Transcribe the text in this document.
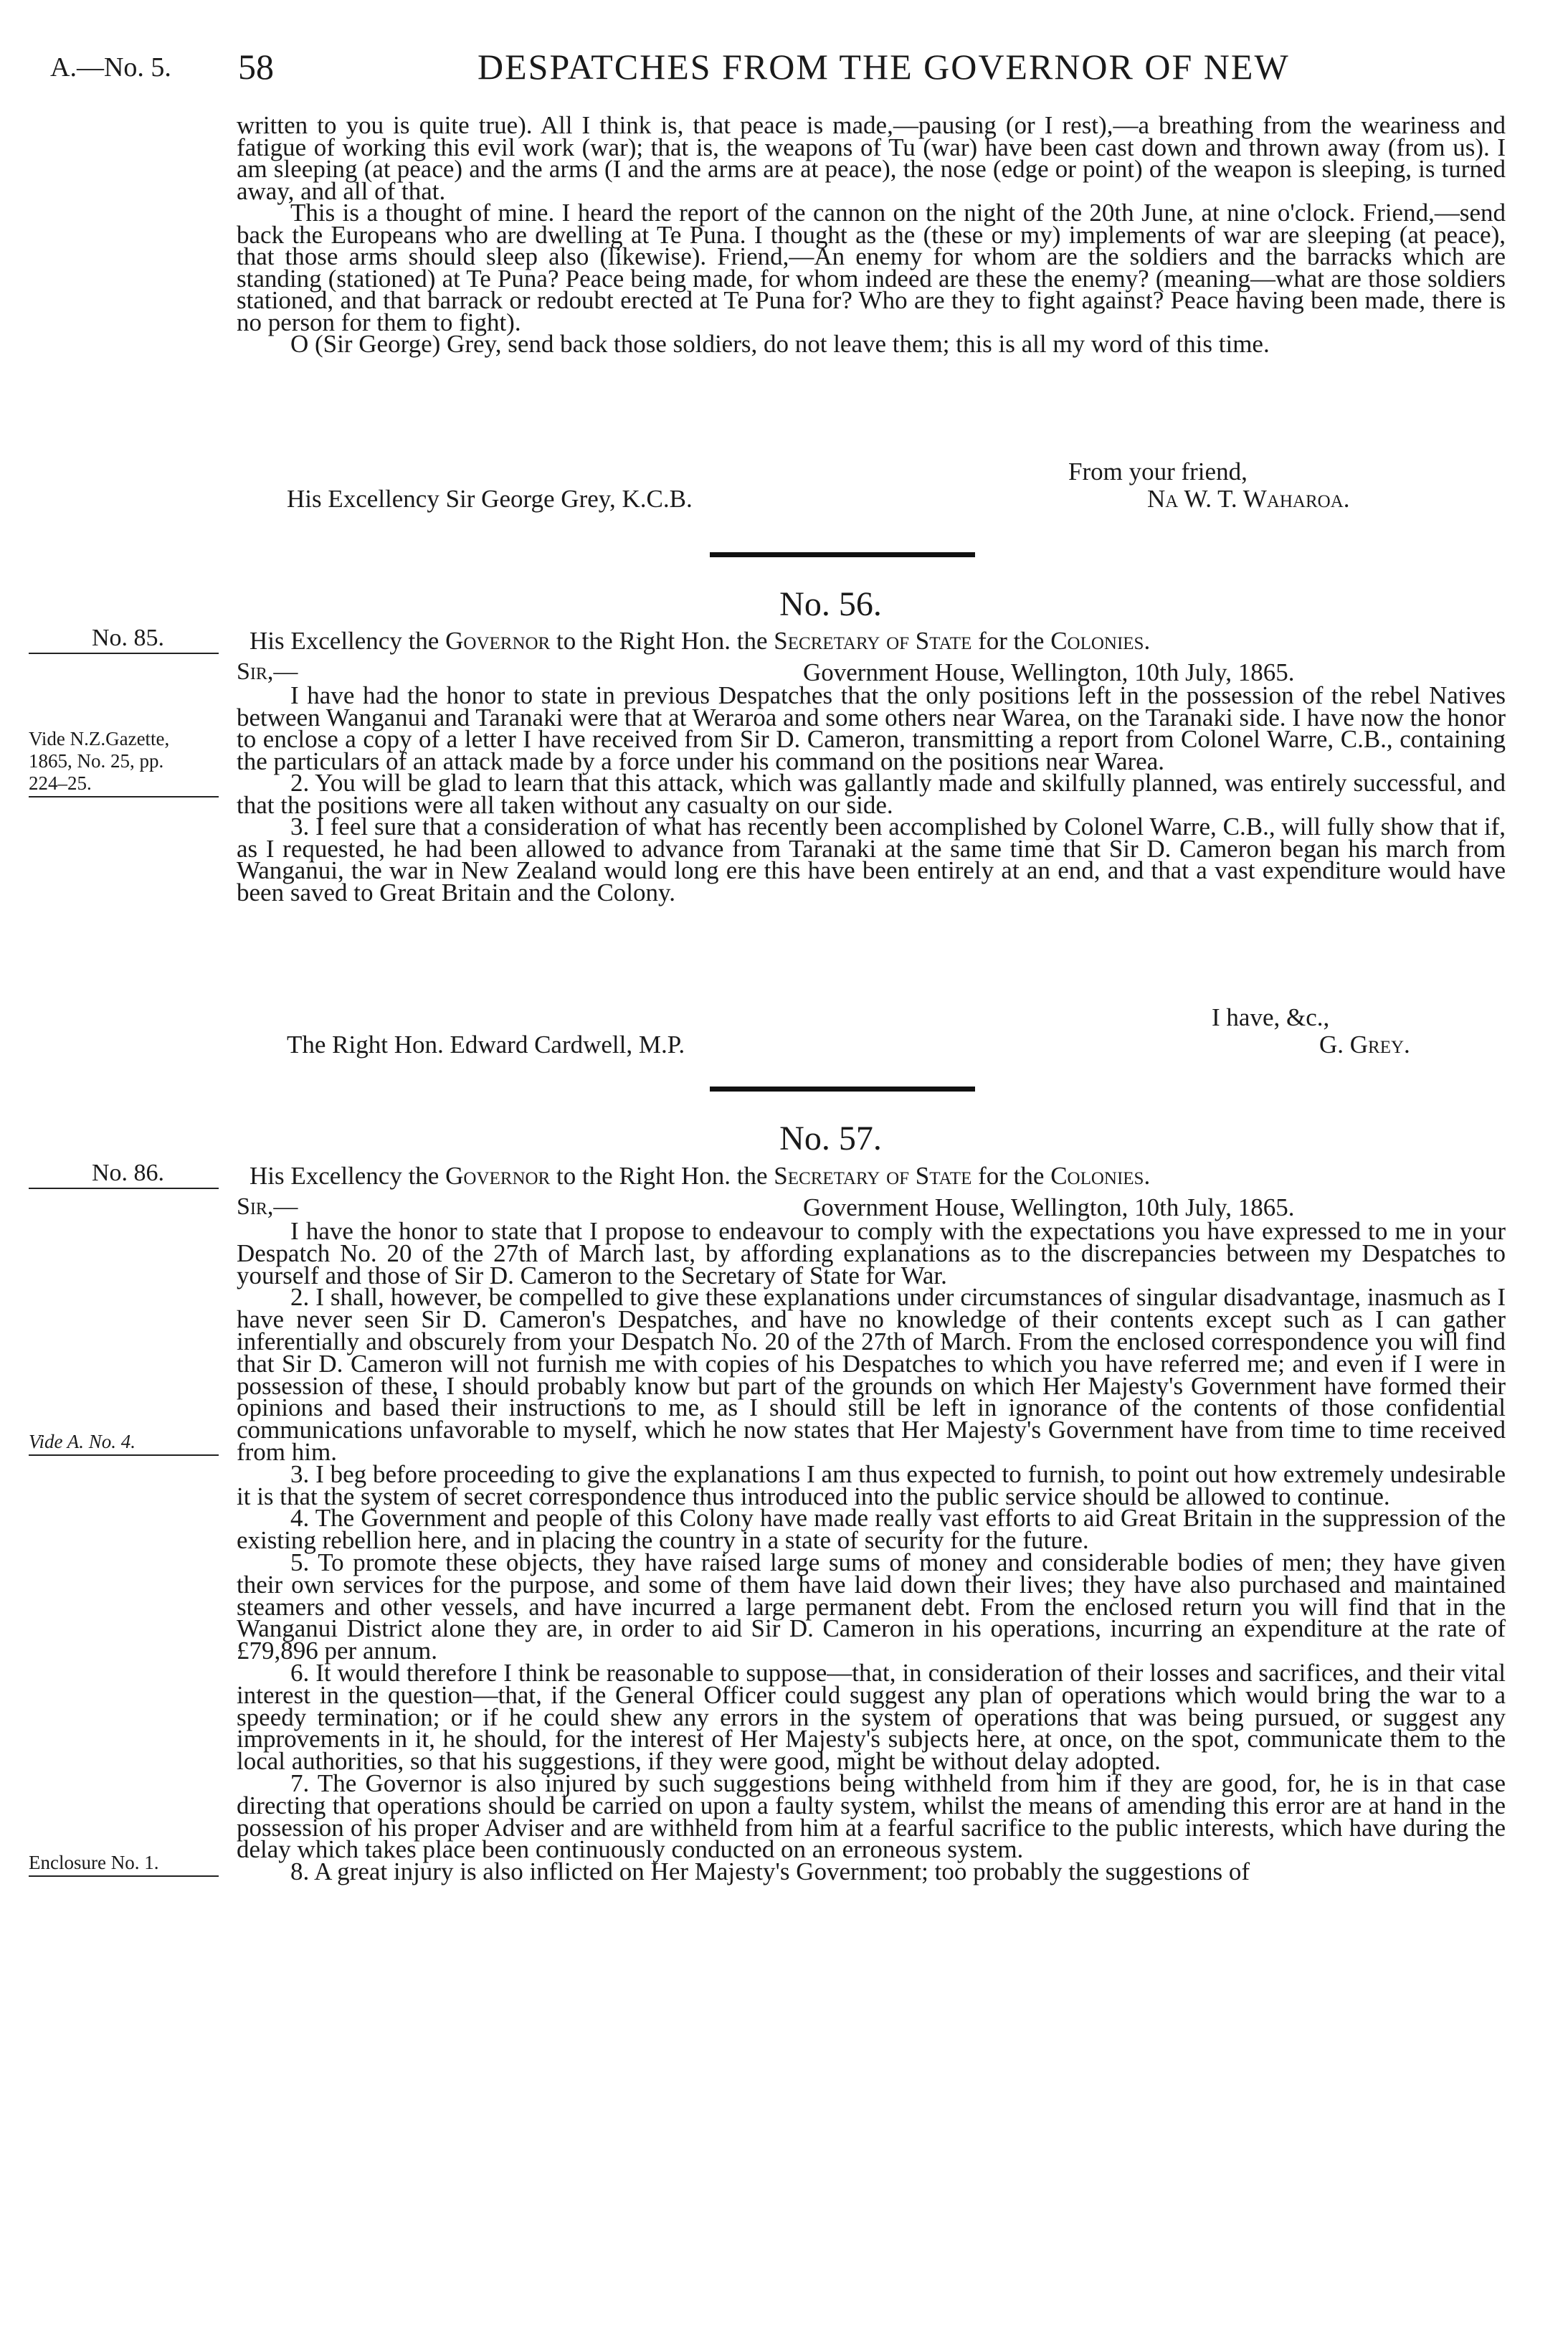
A.—No. 5. 58	DESPATCHES FROM THE GOVERNOR OF NEW

written to you is quite true). All I think is, that peace is made,—pausing (or I rest),—a breathing from the weariness and fatigue of working this evil work (war); that is, the weapons of Tu (war) have been cast down and thrown away (from us). I am sleeping (at peace) and the arms (I and the arms are at peace), the nose (edge or point) of the weapon is sleeping, is turned away, and all of that.

This is a thought of mine. I heard the report of the cannon on the night of the 20th June, at nine o'clock. Friend,—send back the Europeans who are dwelling at Te Puna. I thought as the (these or my) implements of war are sleeping (at peace), that those arms should sleep also (likewise). Friend,—An enemy for whom are the soldiers and the barracks which are standing (stationed) at Te Puna? Peace being made, for whom indeed are these the enemy? (meaning—what are those soldiers stationed, and that barrack or redoubt erected at Te Puna for? Who are they to fight against? Peace having been made, there is no person for them to fight).

O (Sir George) Grey, send back those soldiers, do not leave them; this is all my word of this time.

From your friend,
His Excellency Sir George Grey, K.C.B.	Na W. T. Waharoa.
No. 56.
No. 85.	His Excellency the Governor to the Right Hon. the Secretary of State for the Colonies.
Sir,—	Government House, Wellington, 10th July, 1865.
Vide N.Z.Gazette,
1865, No. 25, pp.
224–25.

I have had the honor to state in previous Despatches that the only positions left in the possession of the rebel Natives between Wanganui and Taranaki were that at Weraroa and some others near Warea, on the Taranaki side. I have now the honor to enclose a copy of a letter I have received from Sir D. Cameron, transmitting a report from Colonel Warre, C.B., containing the particulars of an attack made by a force under his command on the positions near Warea.

2. You will be glad to learn that this attack, which was gallantly made and skilfully planned, was entirely successful, and that the positions were all taken without any casualty on our side.

3. I feel sure that a consideration of what has recently been accomplished by Colonel Warre, C.B., will fully show that if, as I requested, he had been allowed to advance from Taranaki at the same time that Sir D. Cameron began his march from Wanganui, the war in New Zealand would long ere this have been entirely at an end, and that a vast expenditure would have been saved to Great Britain and the Colony.

I have, &c.,
The Right Hon. Edward Cardwell, M.P.	G. Grey.
No. 57.
No. 86.	His Excellency the Governor to the Right Hon. the Secretary of State for the Colonies.
Sir,—	Government House, Wellington, 10th July, 1865.
Vide A. No. 4.
Enclosure No. 1.

I have the honor to state that I propose to endeavour to comply with the expectations you have expressed to me in your Despatch No. 20 of the 27th of March last, by affording explanations as to the discrepancies between my Despatches to yourself and those of Sir D. Cameron to the Secretary of State for War.

2. I shall, however, be compelled to give these explanations under circumstances of singular disadvantage, inasmuch as I have never seen Sir D. Cameron's Despatches, and have no knowledge of their contents except such as I can gather inferentially and obscurely from your Despatch No. 20 of the 27th of March. From the enclosed correspondence you will find that Sir D. Cameron will not furnish me with copies of his Despatches to which you have referred me; and even if I were in possession of these, I should probably know but part of the grounds on which Her Majesty's Government have formed their opinions and based their instructions to me, as I should still be left in ignorance of the contents of those confidential communications unfavorable to myself, which he now states that Her Majesty's Government have from time to time received from him.

3. I beg before proceeding to give the explanations I am thus expected to furnish, to point out how extremely undesirable it is that the system of secret correspondence thus introduced into the public service should be allowed to continue.

4. The Government and people of this Colony have made really vast efforts to aid Great Britain in the suppression of the existing rebellion here, and in placing the country in a state of security for the future.

5. To promote these objects, they have raised large sums of money and considerable bodies of men; they have given their own services for the purpose, and some of them have laid down their lives; they have also purchased and maintained steamers and other vessels, and have incurred a large permanent debt. From the enclosed return you will find that in the Wanganui District alone they are, in order to aid Sir D. Cameron in his operations, incurring an expenditure at the rate of £79,896 per annum.

6. It would therefore I think be reasonable to suppose—that, in consideration of their losses and sacrifices, and their vital interest in the question—that, if the General Officer could suggest any plan of operations which would bring the war to a speedy termination; or if he could shew any errors in the system of operations that was being pursued, or suggest any improvements in it, he should, for the interest of Her Majesty's subjects here, at once, on the spot, communicate them to the local authorities, so that his suggestions, if they were good, might be without delay adopted.

7. The Governor is also injured by such suggestions being withheld from him if they are good, for, he is in that case directing that operations should be carried on upon a faulty system, whilst the means of amending this error are at hand in the possession of his proper Adviser and are withheld from him at a fearful sacrifice to the public interests, which have during the delay which takes place been continuously conducted on an erroneous system.

8. A great injury is also inflicted on Her Majesty's Government; too probably the suggestions of
